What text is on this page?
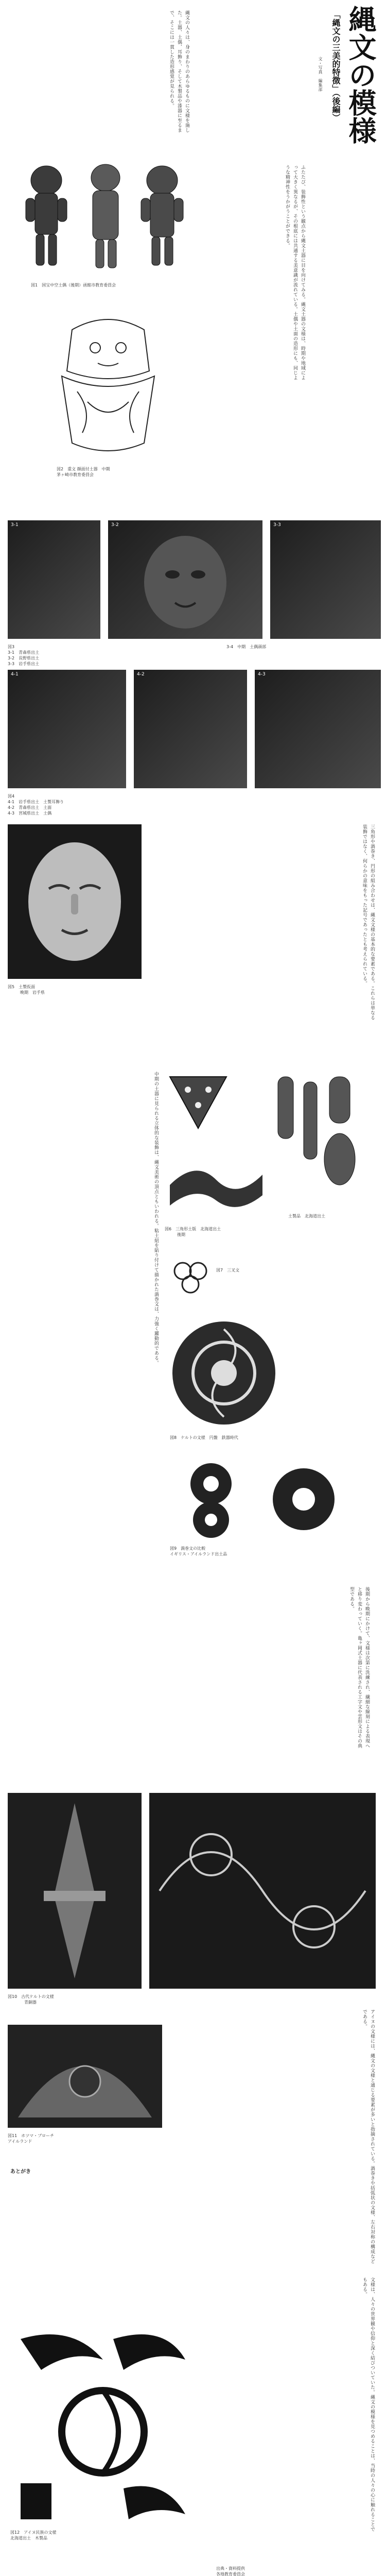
縄文の模様
「縄文の三美的特徴」（後編）
文・写真　編集部
ふたたび、装飾性という観点から縄文土器に目を向けてみる。縄文土器の文様は、時期や地域によって大きく異なるが、その根底には共通する美意識が流れている。土偶や土面の造形にも、同じような精神性をうかがうことができる。
縄文の人々は、身のまわりのあらゆるものに文様を施した。土器、土偶、耳飾り、そして木製品や漆器に至るまで、そこには一貫した造形感覚が見られる。
図1　国宝中空土偶（後期）函館市教育委員会
図2　重文 顔面付土器　中期
茅ヶ崎市教育委員会
3-1	3-2	3-3
図3
3-1　青森県出土
3-2　長野県出土
3-3　岩手県出土
3-4　中期　土偶頭部
4-1	4-2	4-3
図4
4-1　岩手県出土　土製耳飾り
4-2　青森県出土　土面
4-3　宮城県出土　土偶
図5　土製仮面
　　　晩期　岩手県	三角形や渦巻き、円形の組み合わせは、縄文文様の基本的な要素である。これらは単なる装飾ではなく、何らかの意味をもった記号であったとも考えられている。
土製品　北海道出土
図6　三角形土版　北海道出土
　　　後期
図7　三叉文
図8　ケルトの文様　円盤　鉄器時代
図9　渦巻文の比較
イギリス・アイルランド出土品
中期の土器に見られる立体的な装飾は、縄文美術の頂点ともいわれる。粘土紐を貼り付けて描かれた渦巻文は、力強く躍動的である。
後期から晩期にかけて、文様は次第に洗練され、繊細な線刻による表現へと移り変わっていく。亀ヶ岡式土器に代表される工字文や雲形文はその典型である。
図10　古代ケルトの文様
　　　　青銅器
図11　ホツマ・ブローチ
アイルランド
あとがき	アイヌの文様には、縄文の文様と通じる要素が多いと指摘されている。渦巻きや括弧状の文様、左右対称の構成などである。
図12　アイヌ民族の文様
北海道出土　木製品
文様は、人々の世界観や信仰と深く結びついていた。縄文の模様を見つめることは、当時の人々の心に触れることでもある。
出典・資料提供
各地教育委員会
